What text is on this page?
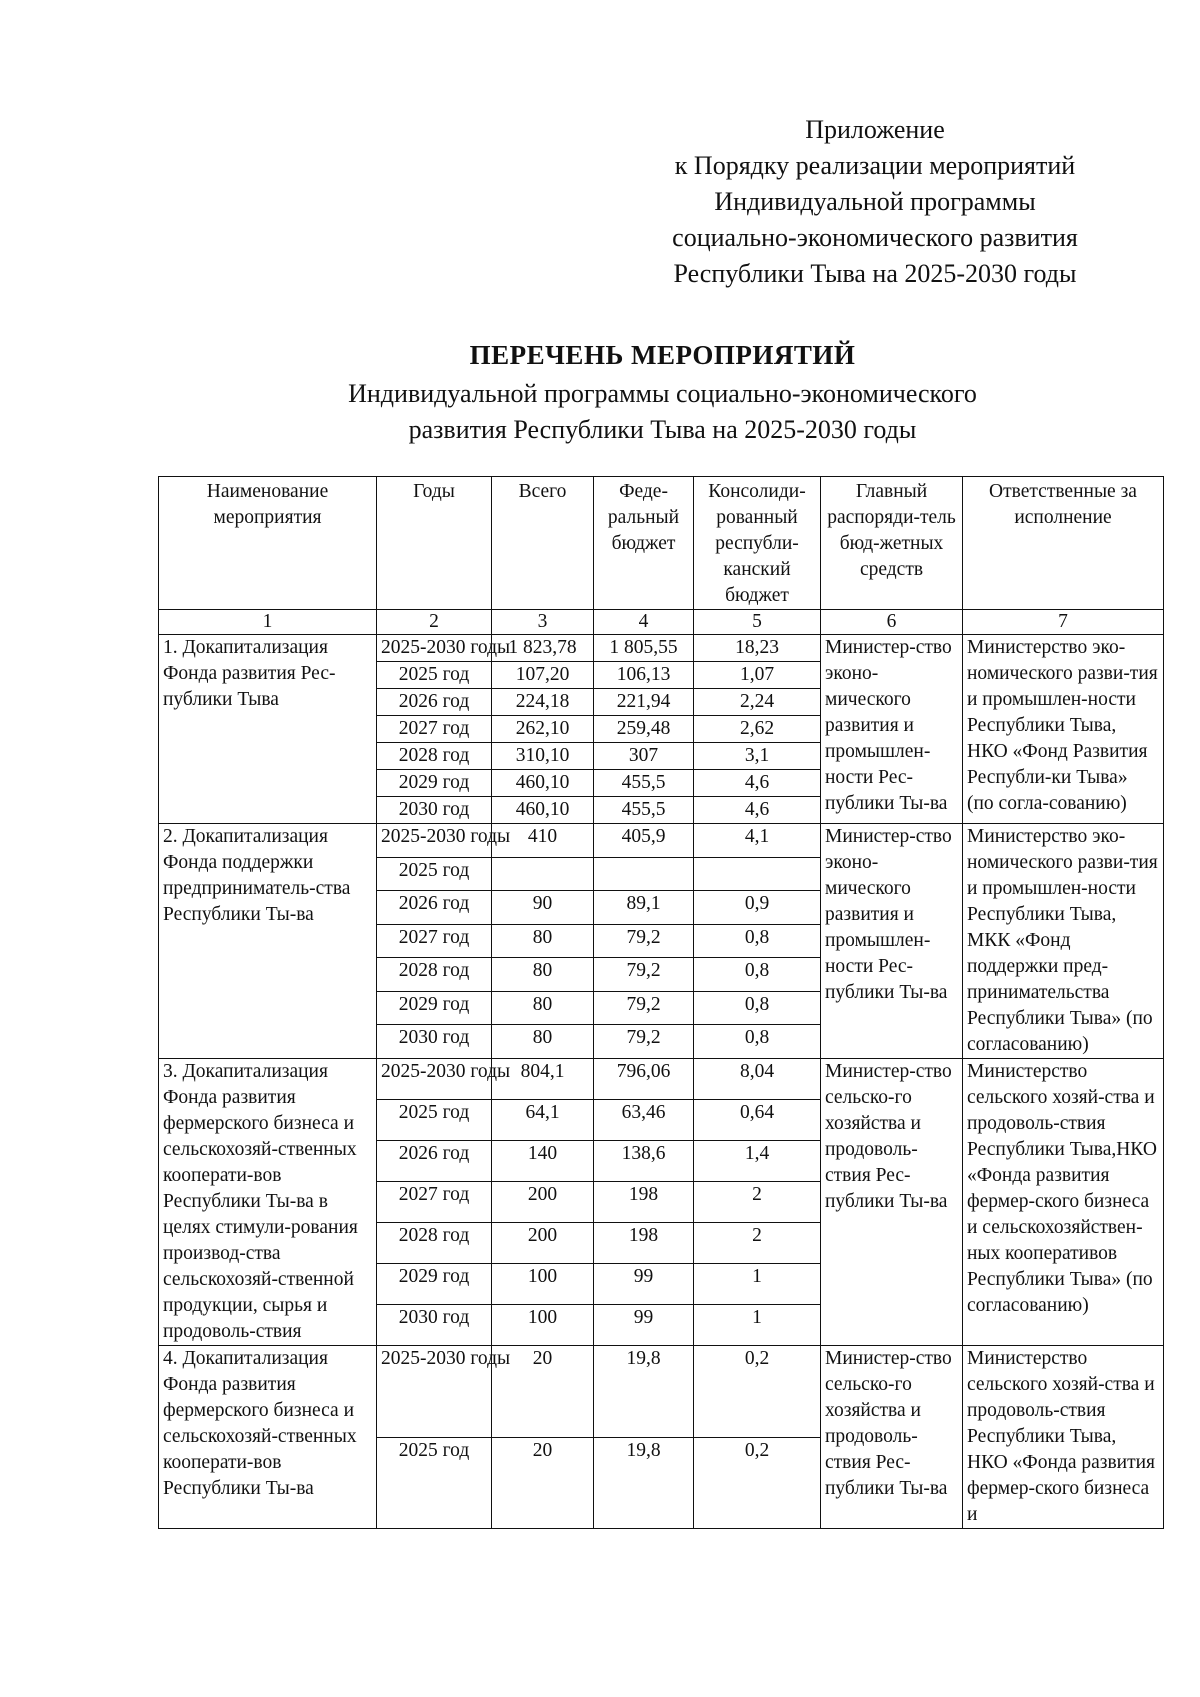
Приложение
к Порядку реализации мероприятий
Индивидуальной программы
социально-экономического развития
Республики Тыва на 2025-2030 годы
ПЕРЕЧЕНЬ МЕРОПРИЯТИЙ
Индивидуальной программы социально-экономического
развития Республики Тыва на 2025-2030 годы
Наименование мероприятия	Годы	Всего	Феде-ральный бюджет	Консолиди-рованный республи-канский бюджет	Главный распоряди-тель бюд-жетных средств	Ответственные за исполнение
1	2	3	4	5	6	7
1. Докапитализация Фонда развития Рес-публики Тыва	2025-2030 годы	1 823,78	1 805,55	18,23	Министер-ство эконо-мического развития и промышлен-ности Рес-публики Ты-ва	Министерство эко-номического разви-тия и промышлен-ности Республики Тыва, НКО «Фонд Развития Республи-ки Тыва» (по согла-сованию)
	2025 год	107,20	106,13	1,07		
	2026 год	224,18	221,94	2,24		
	2027 год	262,10	259,48	2,62		
	2028 год	310,10	307	3,1		
	2029 год	460,10	455,5	4,6		
	2030 год	460,10	455,5	4,6		
2. Докапитализация Фонда поддержки предприниматель-ства Республики Ты-ва	2025-2030 годы	410	405,9	4,1	Министер-ство эконо-мического развития и промышлен-ности Рес-публики Ты-ва	Министерство эко-номического разви-тия и промышлен-ности Республики Тыва, МКК «Фонд поддержки пред-принимательства Республики Тыва» (по согласованию)
	2025 год					
	2026 год	90	89,1	0,9		
	2027 год	80	79,2	0,8		
	2028 год	80	79,2	0,8		
	2029 год	80	79,2	0,8		
	2030 год	80	79,2	0,8		
3. Докапитализация Фонда развития фермерского бизнеса и сельскохозяй-ственных кооперати-вов Республики Ты-ва в целях стимули-рования производ-ства сельскохозяй-ственной продукции, сырья и продоволь-ствия	2025-2030 годы	804,1	796,06	8,04	Министер-ство сельско-го хозяйства и продоволь-ствия Рес-публики Ты-ва	Министерство сельского хозяй-ства и продоволь-ствия Республики Тыва,НКО «Фонда развития фермер-ского бизнеса и сельскохозяйствен-ных кооперативов Республики Тыва» (по согласованию)
	2025 год	64,1	63,46	0,64		
	2026 год	140	138,6	1,4		
	2027 год	200	198	2		
	2028 год	200	198	2		
	2029 год	100	99	1		
	2030 год	100	99	1		
4. Докапитализация Фонда развития фермерского бизнеса и сельскохозяй-ственных кооперати-вов Республики Ты-ва	2025-2030 годы	20	19,8	0,2	Министер-ство сельско-го хозяйства и продоволь-ствия Рес-публики Ты-ва	Министерство сельского хозяй-ства и продоволь-ствия Республики Тыва, НКО «Фонда развития фермер-ского бизнеса и
	2025 год	20	19,8	0,2		
